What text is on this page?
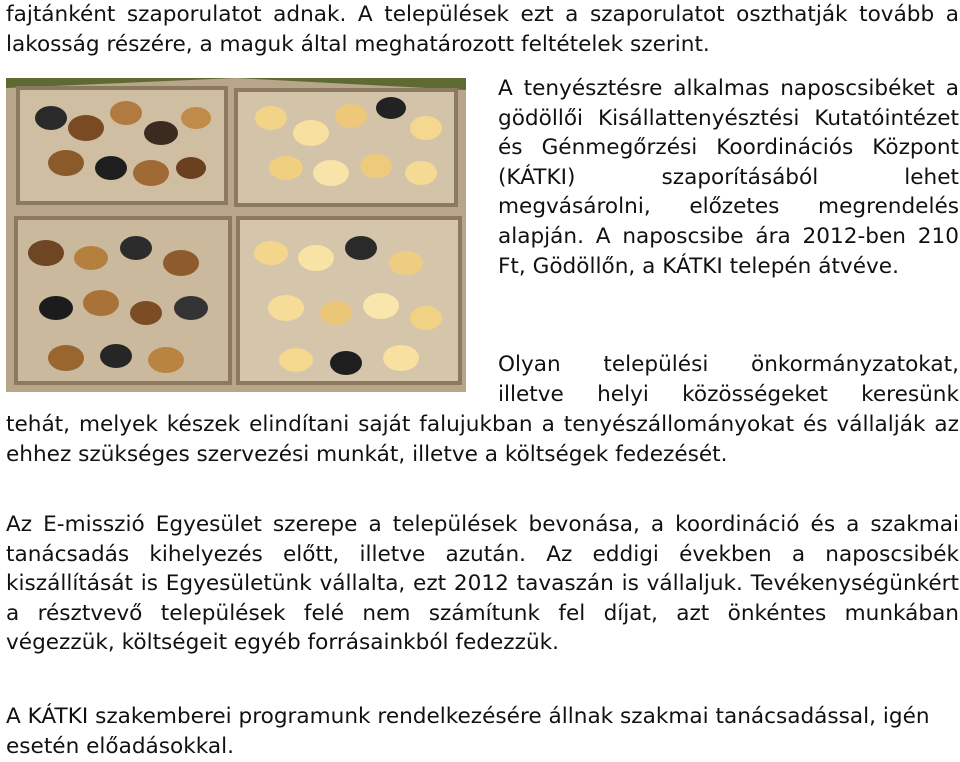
fajtánként szaporulatot adnak. A települések ezt a szaporulatot oszthatják tovább a lakosság részére, a maguk által meghatározott feltételek szerint.

A tenyésztésre alkalmas naposcsibéket a gödöllői Kisállattenyésztési Kutatóintézet és Génmegőrzési Koordinációs Központ (KÁTKI) szaporításából lehet megvásárolni, előzetes megrendelés alapján. A naposcsibe ára 2012-ben 210 Ft, Gödöllőn, a KÁTKI telepén átvéve.

Olyan települési önkormányzatokat, illetve helyi közösségeket keresünk

tehát, melyek készek elindítani saját falujukban a tenyészállományokat és vállalják az ehhez szükséges szervezési munkát, illetve a költségek fedezését.

Az E-misszió Egyesület szerepe a települések bevonása, a koordináció és a szakmai tanácsadás kihelyezés előtt, illetve azután. Az eddigi években a naposcsibék kiszállítását is Egyesületünk vállalta, ezt 2012 tavaszán is vállaljuk. Tevékenységünkért a résztvevő települések felé nem számítunk fel díjat, azt önkéntes munkában végezzük, költségeit egyéb forrásainkból fedezzük.

A KÁTKI szakemberei programunk rendelkezésére állnak szakmai tanácsadással, igén esetén előadásokkal.
